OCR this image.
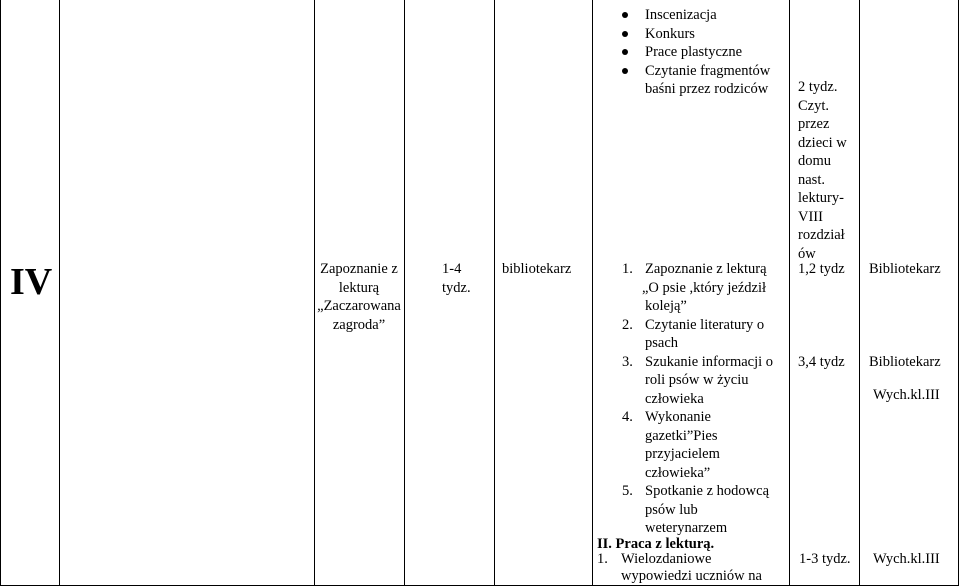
IV	Zapoznanie z
lekturą
„Zaczarowana
zagroda”
1-4
tydz.
bibliotekarz
Inscenizacja
Konkurs
Prace plastyczne
Czytanie fragmentów
baśni przez rodziców
1. Zapoznanie z lekturą
„O psie ,który jeździł
koleją”
2. Czytanie literatury o
psach
3. Szukanie informacji o
roli psów w życiu
człowieka
4. Wykonanie
gazetki”Pies
przyjacielem
człowieka”
5. Spotkanie z hodowcą
psów lub
weterynarzem
II. Praca z lekturą.
1. Wielozdaniowe
wypowiedzi uczniów na
2 tydz.
Czyt.
przez
dzieci w
domu
nast.
lektury-
VIII
rozdział
ów
1,2 tydz
3,4 tydz
1-3 tydz.
Bibliotekarz
Bibliotekarz
Wych.kl.III
Wych.kl.III
